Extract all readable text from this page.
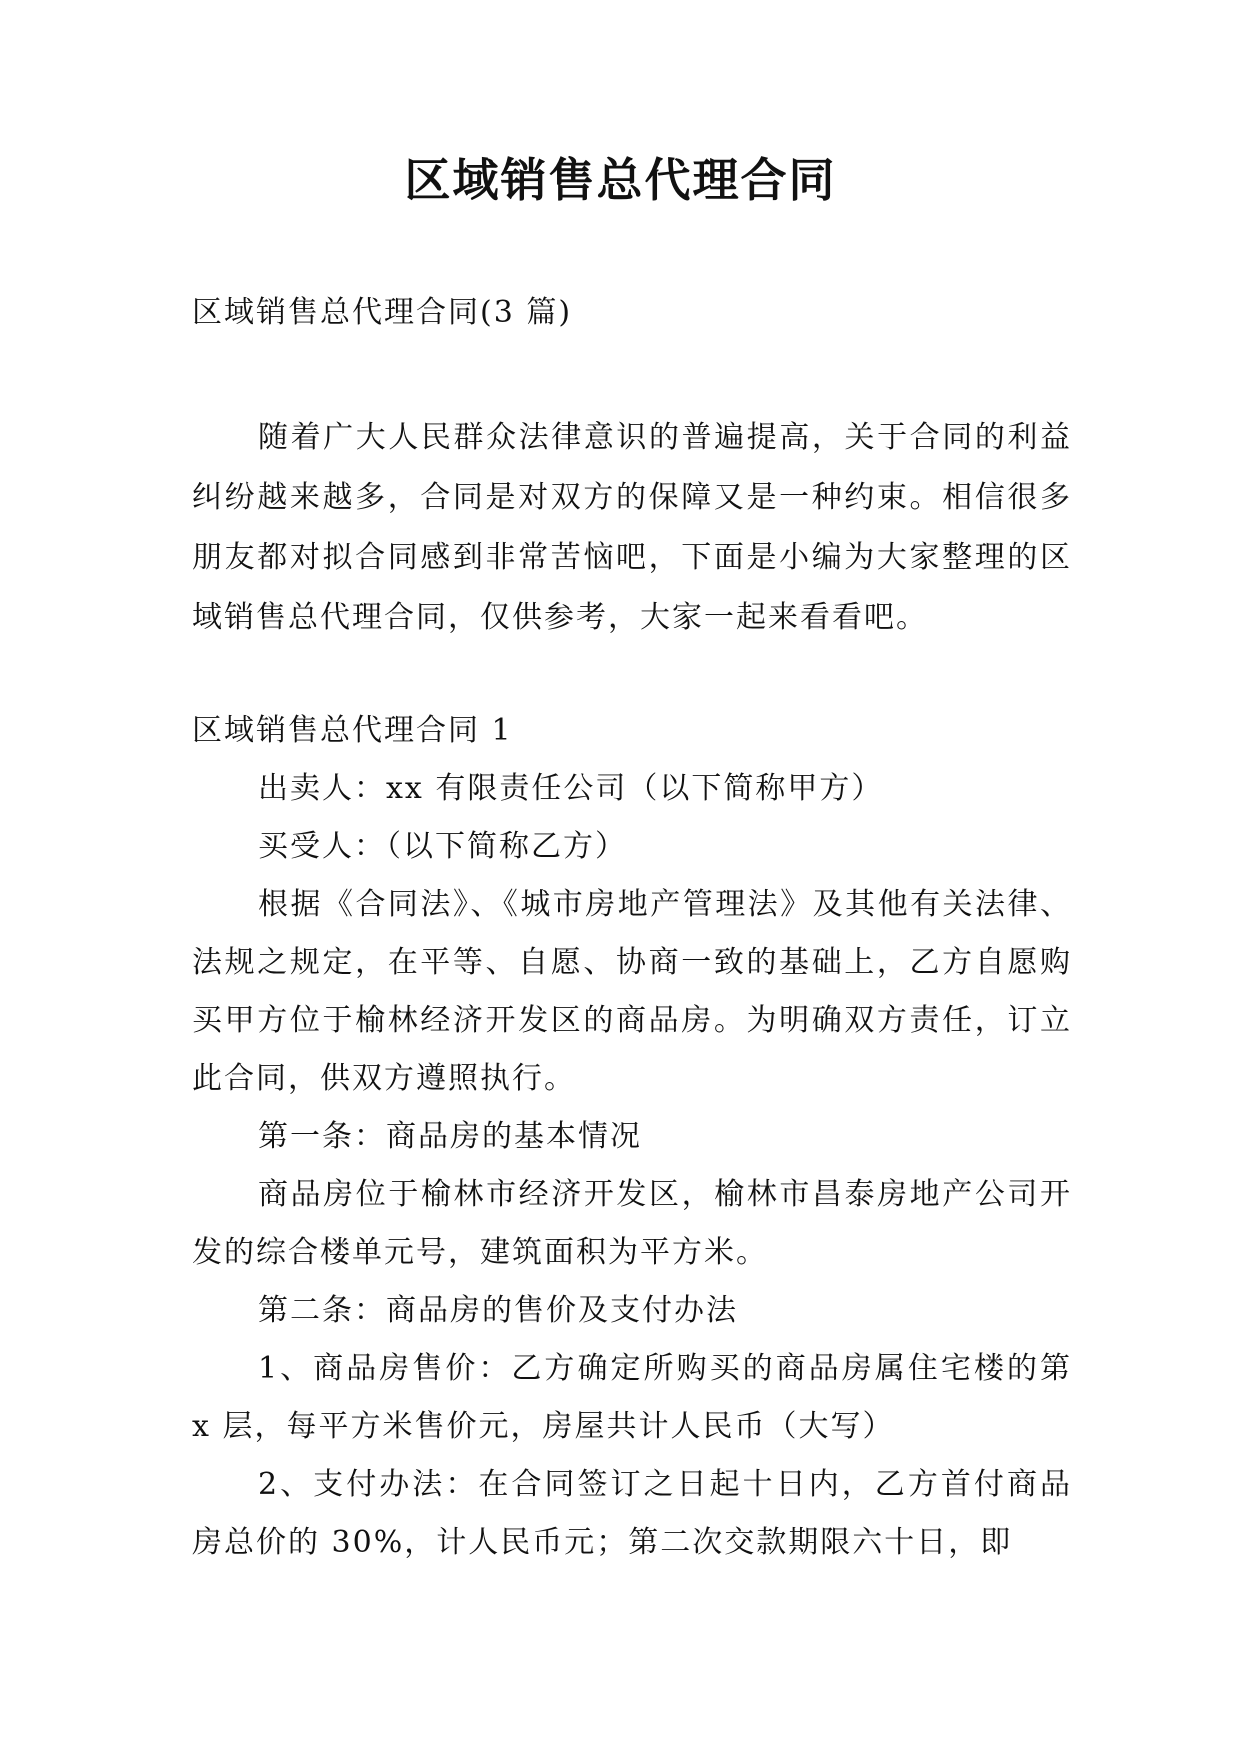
区域销售总代理合同

区域销售总代理合同(3 篇)

随着广大人民群众法律意识的普遍提高，关于合同的利益纠纷越来越多，合同是对双方的保障又是一种约束。相信很多朋友都对拟合同感到非常苦恼吧，下面是小编为大家整理的区域销售总代理合同，仅供参考，大家一起来看看吧。

区域销售总代理合同 1

出卖人：xx 有限责任公司（以下简称甲方）

买受人：（以下简称乙方）

根据《合同法》、《城市房地产管理法》及其他有关法律、法规之规定，在平等、自愿、协商一致的基础上，乙方自愿购买甲方位于榆林经济开发区的商品房。为明确双方责任，订立此合同，供双方遵照执行。

第一条：商品房的基本情况

商品房位于榆林市经济开发区，榆林市昌泰房地产公司开发的综合楼单元号，建筑面积为平方米。

第二条：商品房的售价及支付办法

1、商品房售价：乙方确定所购买的商品房属住宅楼的第 x 层，每平方米售价元，房屋共计人民币（大写）

2、支付办法：在合同签订之日起十日内，乙方首付商品房总价的 30%，计人民币元；第二次交款期限六十日，即
